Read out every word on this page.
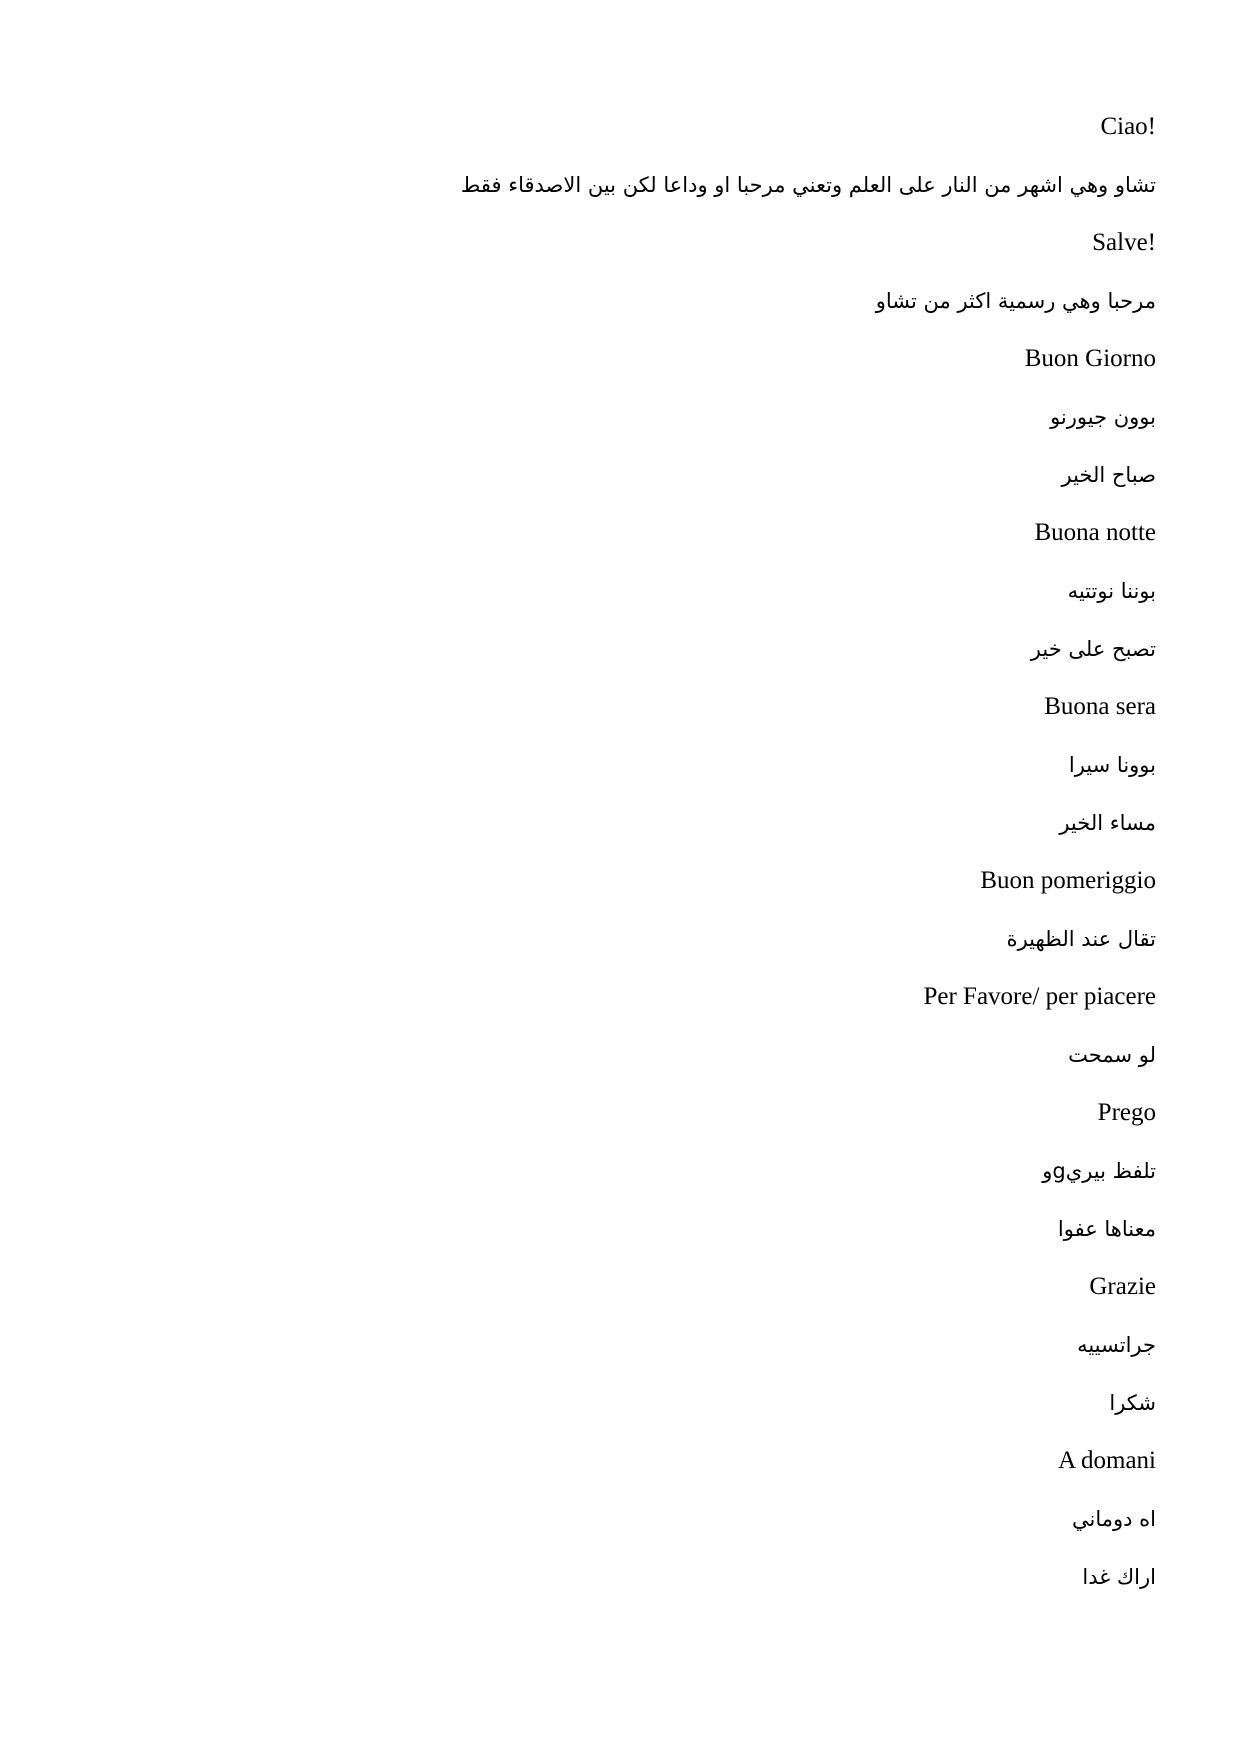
Ciao!
تشاو وهي اشهر من النار على العلم وتعني مرحبا او وداعا لكن بين الاصدقاء فقط
Salve!
مرحبا وهي رسمية اكثر من تشاو
Buon Giorno
بوون جيورنو
صباح الخير
Buona notte
بوننا نوتتيه
تصبح على خير
Buona sera
بوونا سيرا
مساء الخير
Buon pomeriggio
تقال عند الظهيرة
Per Favore/ per piacere
لو سمحت
Prego
تلفظ بيريgو
معناها عفوا
Grazie
جراتسييه
شكرا
A domani
اه دوماني
اراك غدا
